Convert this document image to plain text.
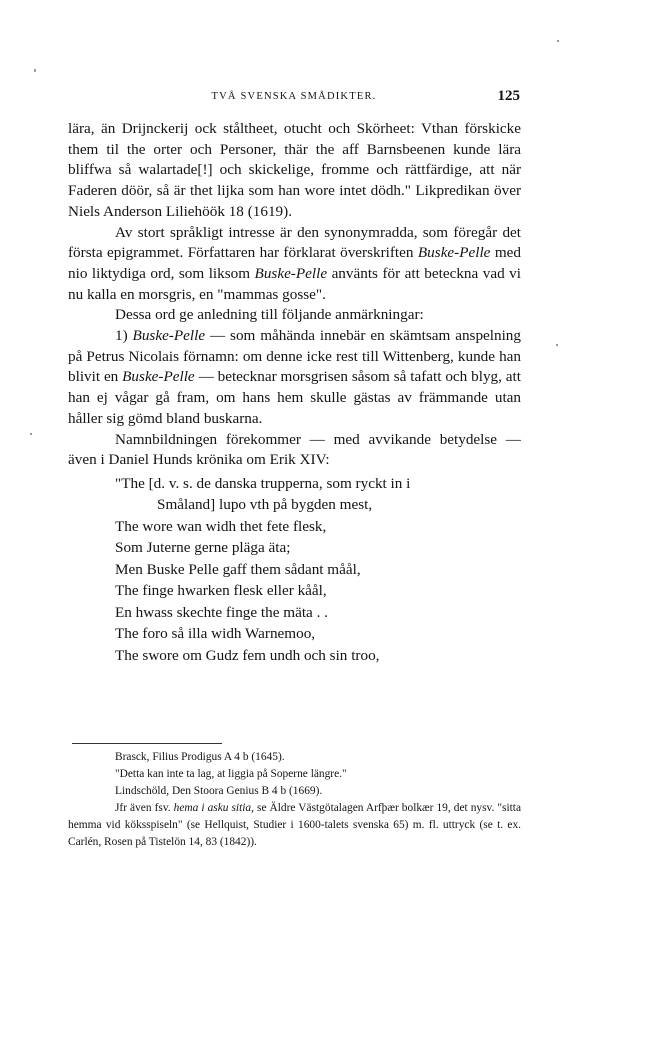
TVÅ SVENSKA SMÅDIKTER.	125

lära, än Drijnckerij ock ståltheet, otucht och Skörheet: Vthan förskicke them til the orter och Personer, thär the aff Barnsbeenen kunde lära bliffwa så walartade[!] och skickelige, fromme och rättfärdige, att när Faderen döör, så är thet lijka som han wore intet dödh." Likpredikan över Niels Anderson Liliehöök 18 (1619).

Av stort språkligt intresse är den synonymradda, som föregår det första epigrammet. Författaren har förklarat överskriften Buske-Pelle med nio liktydiga ord, som liksom Buske-Pelle använts för att beteckna vad vi nu kalla en morsgris, en "mammas gosse".

Dessa ord ge anledning till följande anmärkningar:

1) Buske-Pelle — som måhända innebär en skämtsam anspelning på Petrus Nicolais förnamn: om denne icke rest till Wittenberg, kunde han blivit en Buske-Pelle — betecknar morsgrisen såsom så tafatt och blyg, att han ej vågar gå fram, om hans hem skulle gästas av främmande utan håller sig gömd bland buskarna.

Namnbildningen förekommer — med avvikande betydelse — även i Daniel Hunds krönika om Erik XIV:

"The [d. v. s. de danska trupperna, som ryckt in i
Småland] lupo vth på bygden mest,
The wore wan widh thet fete flesk,
Som Juterne gerne pläga äta;
Men Buske Pelle gaff them sådant måål,
The finge hwarken flesk eller kåål,
En hwass skechte finge the mäta . .
The foro så illa widh Warnemoo,
The swore om Gudz fem undh och sin troo,

Brasck, Filius Prodigus A 4 b (1645).

"Detta kan inte ta lag, at liggia på Soperne längre."

Lindschöld, Den Stoora Genius B 4 b (1669).

Jfr även fsv. hema i asku sitia, se Äldre Västgötalagen Arfþær bolkær 19, det nysv. "sitta hemma vid köksspiseln" (se Hellquist, Studier i 1600-talets svenska 65) m. fl. uttryck (se t. ex. Carlén, Rosen på Tistelön 14, 83 (1842)).
